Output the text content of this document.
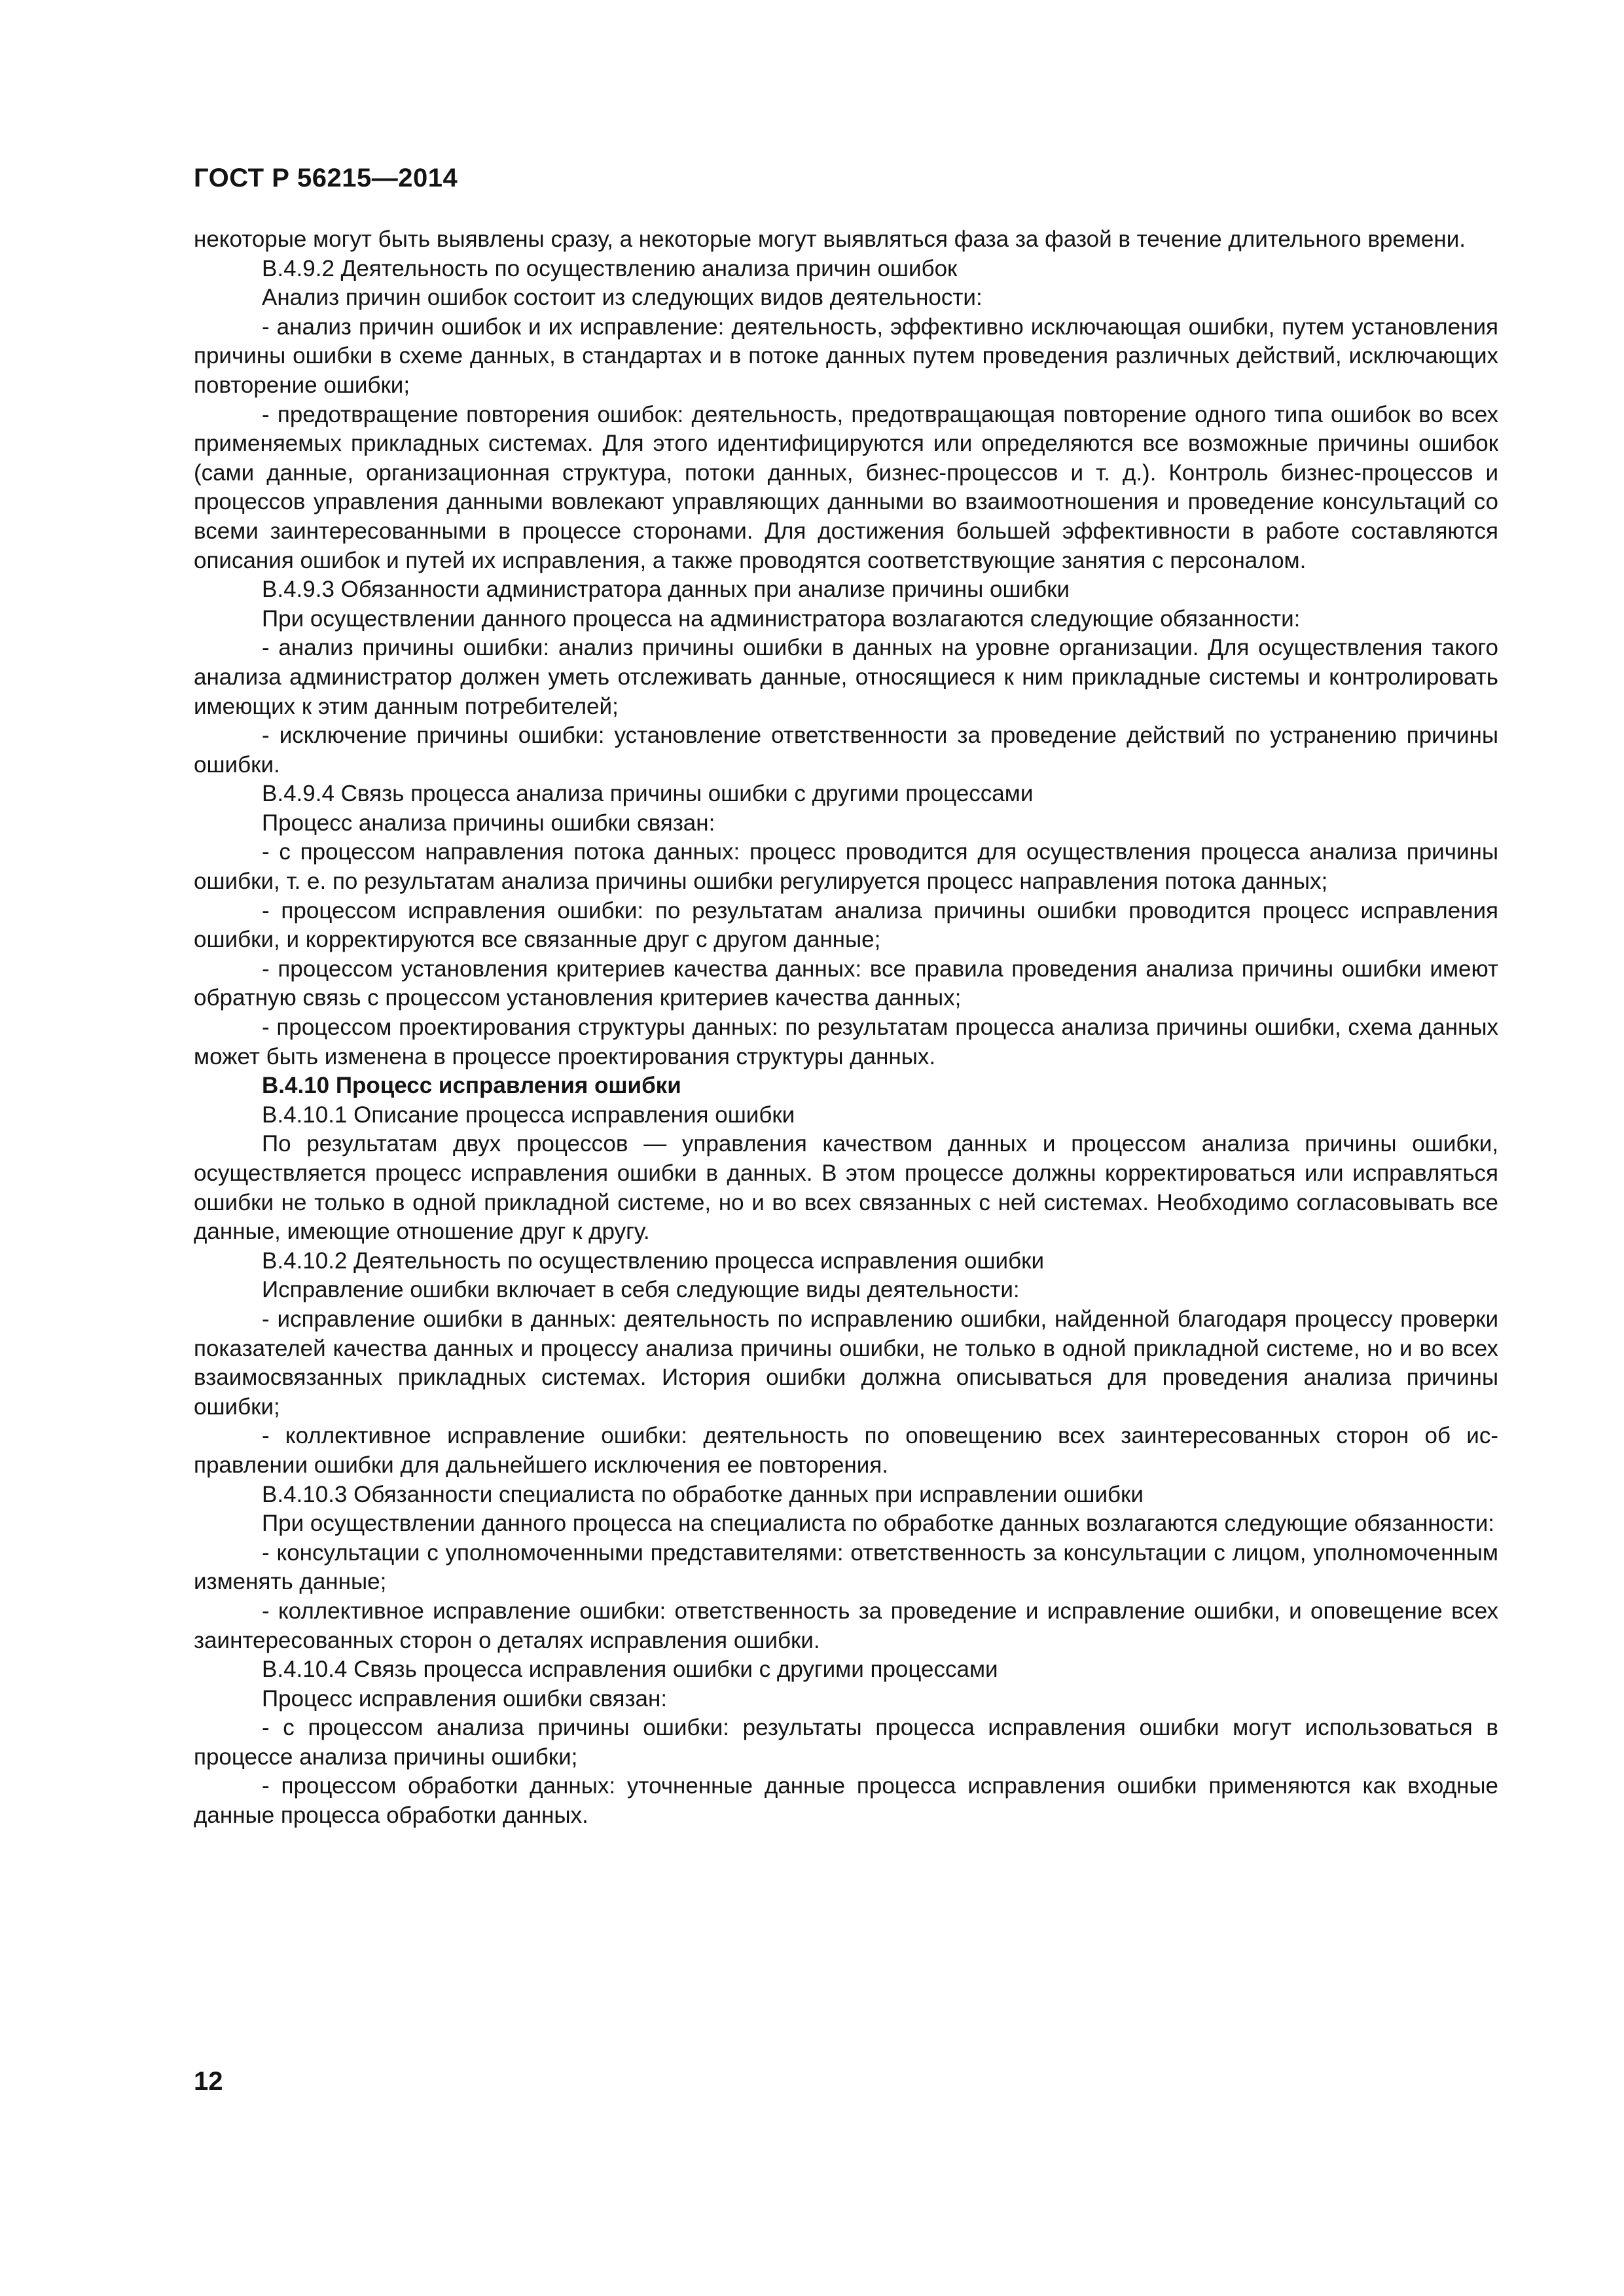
ГОСТ Р 56215—2014

некоторые могут быть выявлены сразу, а некоторые могут выявляться фаза за фазой в течение длительного времени.

В.4.9.2 Деятельность по осуществлению анализа причин ошибок

Анализ причин ошибок состоит из следующих видов деятельности:

- анализ причин ошибок и их исправление: деятельность, эффективно исключающая ошибки, путем установления причины ошибки в схеме данных, в стандартах и в потоке данных путем проведения различных действий, исключающих повторение ошибки;

- предотвращение повторения ошибок: деятельность, предотвращающая повторение одного типа ошибок во всех применяемых прикладных системах. Для этого идентифицируются или определяются все возможные причины ошибок (сами данные, организационная структура, потоки данных, бизнес-процессов и т. д.). Контроль бизнес-процессов и процессов управления данными вовлекают управляющих данными во взаимоотношения и проведение консультаций со всеми заинтересованными в процессе сторонами. Для достижения большей эффективности в работе составляются описания ошибок и путей их исправления, а также проводятся соответствующие занятия с персоналом.

В.4.9.3 Обязанности администратора данных при анализе причины ошибки

При осуществлении данного процесса на администратора возлагаются следующие обязанности:

- анализ причины ошибки: анализ причины ошибки в данных на уровне организации. Для осуществления такого анализа администратор должен уметь отслеживать данные, относящиеся к ним прикладные системы и контролировать имеющих к этим данным потребителей;

- исключение причины ошибки: установление ответственности за проведение действий по устранению причины ошибки.

В.4.9.4 Связь процесса анализа причины ошибки с другими процессами

Процесс анализа причины ошибки связан:

- с процессом направления потока данных: процесс проводится для осуществления процесса анализа причины ошибки, т. е. по результатам анализа причины ошибки регулируется процесс направления потока данных;

- процессом исправления ошибки: по результатам анализа причины ошибки проводится процесс исправления ошибки, и корректируются все связанные друг с другом данные;

- процессом установления критериев качества данных: все правила проведения анализа причины ошибки имеют обратную связь с процессом установления критериев качества данных;

- процессом проектирования структуры данных: по результатам процесса анализа причины ошибки, схема данных может быть изменена в процессе проектирования структуры данных.

В.4.10 Процесс исправления ошибки

В.4.10.1 Описание процесса исправления ошибки

По результатам двух процессов — управления качеством данных и процессом анализа причины ошибки, осуществляется процесс исправления ошибки в данных. В этом процессе должны корректироваться или исправляться ошибки не только в одной прикладной системе, но и во всех связанных с ней системах. Необходимо согласовывать все данные, имеющие отношение друг к другу.

В.4.10.2 Деятельность по осуществлению процесса исправления ошибки

Исправление ошибки включает в себя следующие виды деятельности:

- исправление ошибки в данных: деятельность по исправлению ошибки, найденной благодаря процессу проверки показателей качества данных и процессу анализа причины ошибки, не только в одной прикладной системе, но и во всех взаимосвязанных прикладных системах. История ошибки должна описываться для проведения анализа причины ошибки;

- коллективное исправление ошибки: деятельность по оповещению всех заинтересованных сторон об исправлении ошибки для дальнейшего исключения ее повторения.

В.4.10.3 Обязанности специалиста по обработке данных при исправлении ошибки

При осуществлении данного процесса на специалиста по обработке данных возлагаются следующие обязанности:

- консультации с уполномоченными представителями: ответственность за консультации с лицом, уполномоченным изменять данные;

- коллективное исправление ошибки: ответственность за проведение и исправление ошибки, и оповещение всех заинтересованных сторон о деталях исправления ошибки.

В.4.10.4 Связь процесса исправления ошибки с другими процессами

Процесс исправления ошибки связан:

- с процессом анализа причины ошибки: результаты процесса исправления ошибки могут использоваться в процессе анализа причины ошибки;

- процессом обработки данных: уточненные данные процесса исправления ошибки применяются как входные данные процесса обработки данных.

12
